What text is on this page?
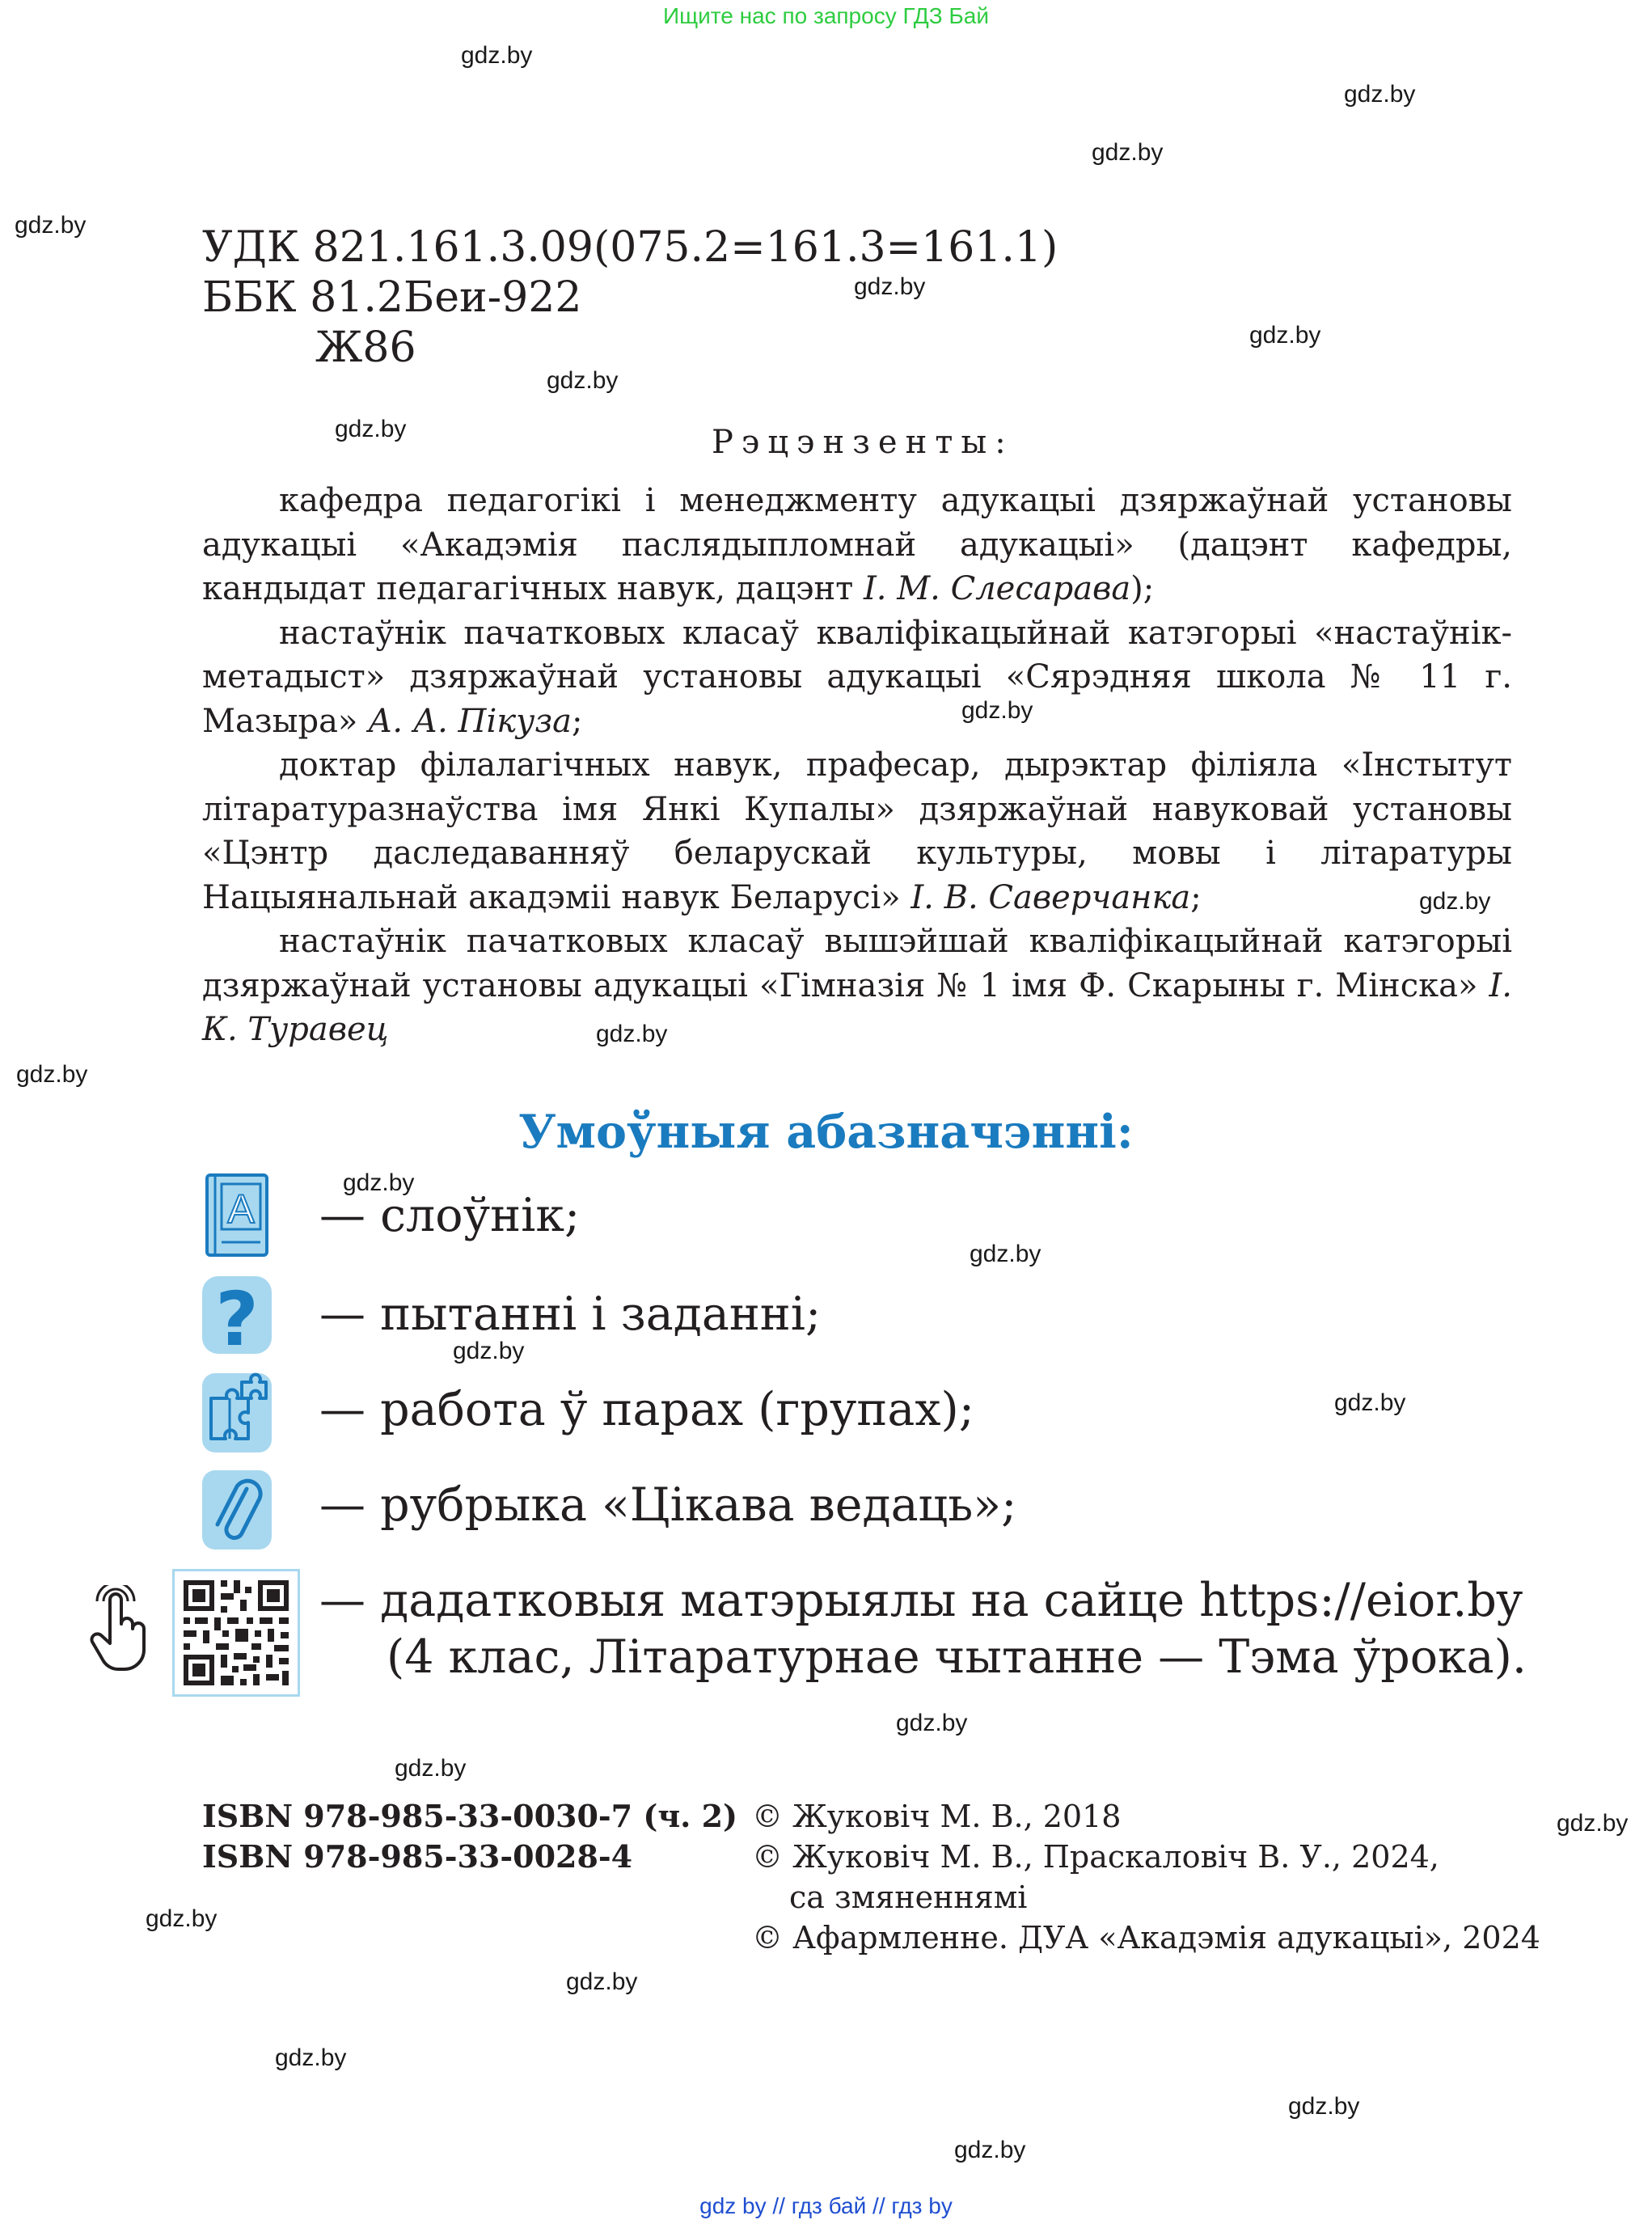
Ищите нас по запросу ГДЗ Бай
gdz.by
gdz.by
gdz.by
gdz.by
gdz.by
gdz.by
gdz.by
gdz.by
gdz.by
gdz.by
gdz.by
gdz.by
gdz.by
gdz.by
gdz.by
gdz.by
gdz.by
gdz.by
gdz.by
gdz.by
gdz.by
gdz.by
gdz.by
gdz.by
УДК 821.161.3.09(075.2=161.3=161.1)
ББК 81.2Беи-922
Ж86
Рэцэнзенты:

кафедра педагогікі і менеджменту адукацыі дзяржаўнай установы адукацыі «Акадэмія паслядыпломнай адукацыі» (дацэнт кафедры, кандыдат педагагічных навук, дацэнт І. М. Слесарава);

настаўнік пачатковых класаў кваліфікацыйнай катэгорыі «настаўнік-метадыст» дзяржаўнай установы адукацыі «Сярэдняя школа № 11 г. Мазыра» А. А. Пікуза;

доктар філалагічных навук, прафесар, дырэктар філіяла «Інстытут літаратуразнаўства імя Янкі Купалы» дзяржаўнай навуковай установы «Цэнтр даследаванняў беларускай культуры, мовы і літаратуры Нацыянальнай акадэміі навук Беларусі» І. В. Саверчанка;

настаўнік пачатковых класаў вышэйшай кваліфікацыйнай катэгорыі дзяржаўнай установы адукацыі «Гімназія № 1 імя Ф. Скарыны г. Мінска» І. К. Туравец

Умоўныя абазначэнні:
A — слоўнік;
? — пытанні і заданні;
— работа ў парах (групах);
— рубрыка «Цікава ведаць»;
— дадатковыя матэрыялы на сайце https://eior.by
(4 клас, Літаратурнае чытанне — Тэма ўрока).
ISBN 978-985-33-0030-7 (ч. 2)
ISBN 978-985-33-0028-4
© Жуковіч М. В., 2018
© Жуковіч М. В., Праскаловіч В. У., 2024,
са змяненнямі
© Афармленне. ДУА «Акадэмія адукацыі», 2024
gdz by // гдз бай // гдз by
